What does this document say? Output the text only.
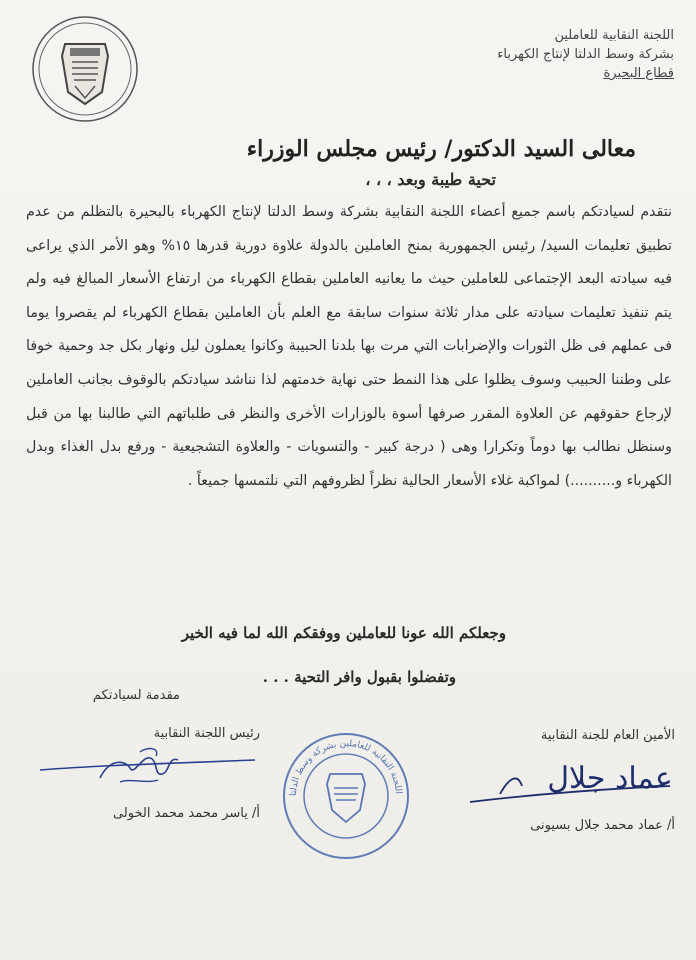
اللجنة النقابية للعاملين
بشركة وسط الدلتا لإنتاج الكهرباء
قطاع البحيرة
معالى السيد الدكتور/ رئيس مجلس الوزراء
تحية طيبة وبعد ، ، ،

نتقدم لسيادتكم باسم جميع أعضاء اللجنة النقابية بشركة وسط الدلتا لإنتاج الكهرباء بالبحيرة بالتظلم من عدم تطبيق تعليمات السيد/ رئيس الجمهورية بمنح العاملين بالدولة علاوة دورية قدرها ١٥% وهو الأمر الذي يراعى فيه سيادته البعد الإجتماعى للعاملين حيث ما يعانيه العاملين بقطاع الكهرباء من ارتفاع الأسعار المبالغ فيه ولم يتم تنفيذ تعليمات سيادته على مدار ثلاثة سنوات سابقة مع العلم بأن العاملين بقطاع الكهرباء لم يقصروا يوما فى عملهم فى ظل الثورات والإضرابات التي مرت بها بلدنا الحبيبة وكانوا يعملون ليل ونهار بكل جد وحمية خوفا على وطننا الحبيب وسوف يظلوا على هذا النمط حتى نهاية خدمتهم لذا نناشد سيادتكم بالوقوف بجانب العاملين لإرجاع حقوقهم عن العلاوة المقرر صرفها أسوة بالوزارات الأخرى والنظر فى طلباتهم التي طالبنا بها من قبل وسنظل نطالب بها دوماً وتكرارا وهى ( درجة كبير - والتسويات - والعلاوة التشجيعية - ورفع بدل الغذاء وبدل الكهرباء و..........) لمواكبة غلاء الأسعار الحالية نظراً لظروفهم التي نلتمسها جميعاً .

وجعلكم الله عونا للعاملين ووفقكم الله لما فيه الخير
وتفضلوا بقبول وافر التحية . . .
مقدمة لسيادتكم
رئيس اللجنة النقابية
أ/ ياسر محمد محمد الخولى
اللجنة النقابية للعاملين بشركة وسط الدلتا
الأمين العام للجنة النقابية
عماد جلال
أ/ عماد محمد جلال بسيونى
